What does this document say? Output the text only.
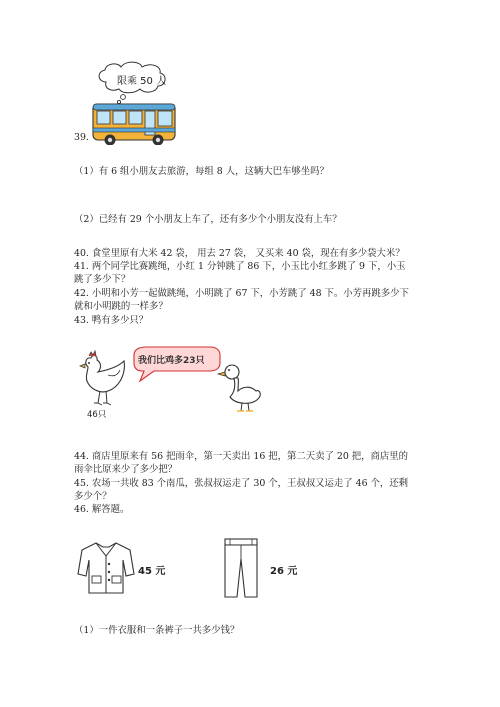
限乘 50 人
39.
（1）有 6 组小朋友去旅游，每组 8 人，这辆大巴车够坐吗？
（2）已经有 29 个小朋友上车了，还有多少个小朋友没有上车？
40. 食堂里原有大米 42 袋， 用去 27 袋， 又买来 40 袋，现在有多少袋大米？
41. 两个同学比赛跳绳，小红 1 分钟跳了 86 下，小玉比小红多跳了 9 下，小玉
跳了多少下？
42. 小明和小芳一起做跳绳，小明跳了 67 下，小芳跳了 48 下。小芳再跳多少下
就和小明跳的一样多？
43. 鸭有多少只？
我们比鸡多23只
46只
44. 商店里原来有 56 把雨伞，第一天卖出 16 把，第二天卖了 20 把，商店里的
雨伞比原来少了多少把？
45. 农场一共收 83 个南瓜，张叔叔运走了 30 个，王叔叔又运走了 46 个，还剩
多少个？
46. 解答题。
45 元	26 元
（1）一件衣服和一条裤子一共多少钱？
